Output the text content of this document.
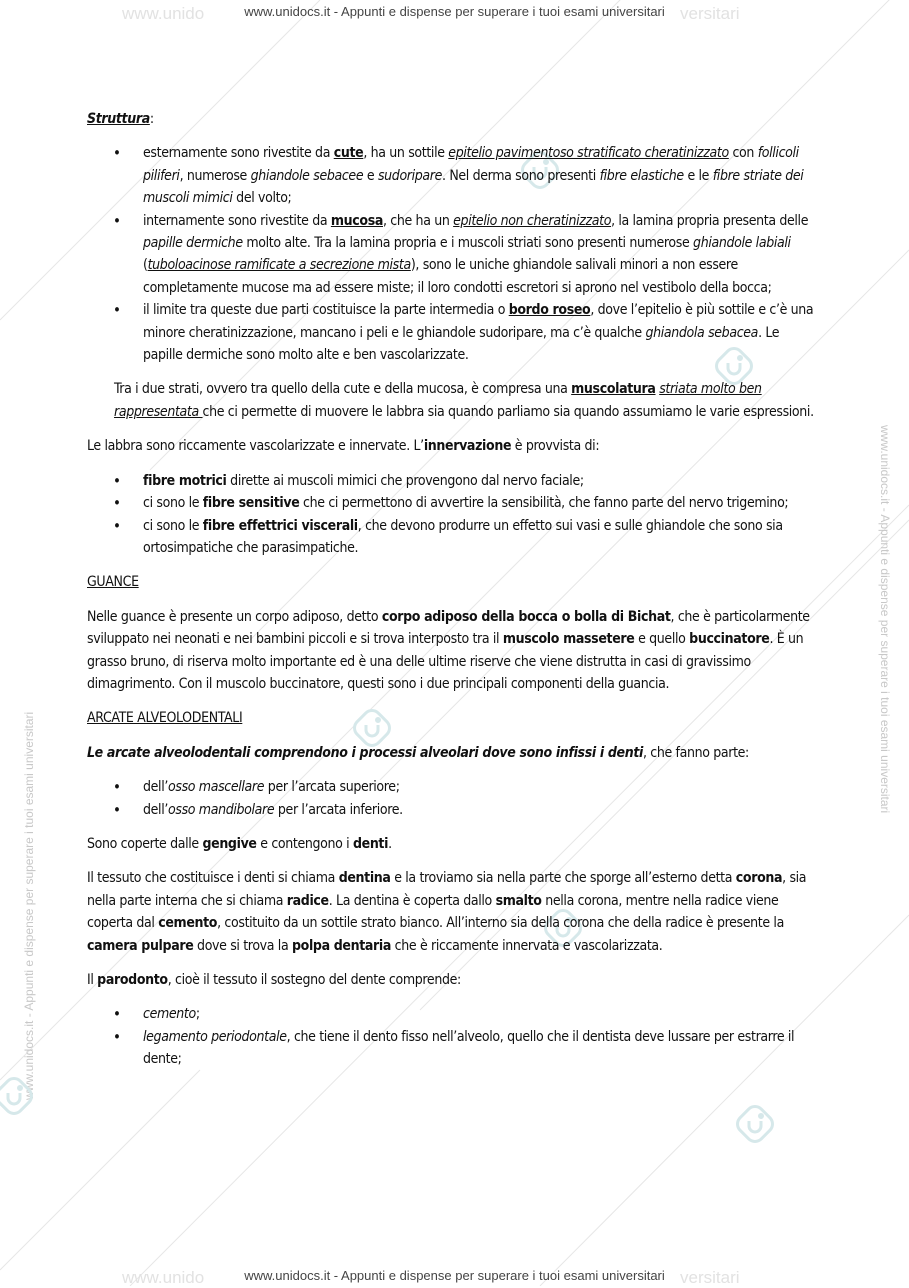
www.unido	www.unidocs.it - Appunti e dispense per superare i tuoi esami universitari versitari
www.unido	www.unidocs.it - Appunti e dispense per superare i tuoi esami universitari versitari
www.unidocs.it - Appunti e dispense per superare i tuoi esami universitari
www.unidocs.it - Appunti e dispense per superare i tuoi esami universitari

Struttura:

• esternamente sono rivestite da cute, ha un sottile epitelio pavimentoso stratificato cheratinizzato con follicoli piliferi, numerose ghiandole sebacee e sudoripare. Nel derma sono presenti fibre elastiche e le fibre striate dei muscoli mimici del volto;
• internamente sono rivestite da mucosa, che ha un epitelio non cheratinizzato, la lamina propria presenta delle papille dermiche molto alte. Tra la lamina propria e i muscoli striati sono presenti numerose ghiandole labiali (tuboloacinose ramificate a secrezione mista), sono le uniche ghiandole salivali minori a non essere completamente mucose ma ad essere miste; il loro condotti escretori si aprono nel vestibolo della bocca;
• il limite tra queste due parti costituisce la parte intermedia o bordo roseo, dove l’epitelio è più sottile e c’è una minore cheratinizzazione, mancano i peli e le ghiandole sudoripare, ma c’è qualche ghiandola sebacea. Le papille dermiche sono molto alte e ben vascolarizzate.

Tra i due strati, ovvero tra quello della cute e della mucosa, è compresa una muscolatura striata molto ben rappresentata che ci permette di muovere le labbra sia quando parliamo sia quando assumiamo le varie espressioni.

Le labbra sono riccamente vascolarizzate e innervate. L’innervazione è provvista di:

• fibre motrici dirette ai muscoli mimici che provengono dal nervo faciale;
• ci sono le fibre sensitive che ci permettono di avvertire la sensibilità, che fanno parte del nervo trigemino;
• ci sono le fibre effettrici viscerali, che devono produrre un effetto sui vasi e sulle ghiandole che sono sia ortosimpatiche che parasimpatiche.

GUANCE

Nelle guance è presente un corpo adiposo, detto corpo adiposo della bocca o bolla di Bichat, che è particolarmente sviluppato nei neonati e nei bambini piccoli e si trova interposto tra il muscolo massetere e quello buccinatore. È un grasso bruno, di riserva molto importante ed è una delle ultime riserve che viene distrutta in casi di gravissimo dimagrimento. Con il muscolo buccinatore, questi sono i due principali componenti della guancia.

ARCATE ALVEOLODENTALI

Le arcate alveolodentali comprendono i processi alveolari dove sono infissi i denti, che fanno parte:

• dell’osso mascellare per l’arcata superiore;
• dell’osso mandibolare per l’arcata inferiore.

Sono coperte dalle gengive e contengono i denti.

Il tessuto che costituisce i denti si chiama dentina e la troviamo sia nella parte che sporge all’esterno detta corona, sia nella parte interna che si chiama radice. La dentina è coperta dallo smalto nella corona, mentre nella radice viene coperta dal cemento, costituito da un sottile strato bianco. All’interno sia della corona che della radice è presente la camera pulpare dove si trova la polpa dentaria che è riccamente innervata e vascolarizzata.

Il parodonto, cioè il tessuto il sostegno del dente comprende:

• cemento;
• legamento periodontale, che tiene il dento fisso nell’alveolo, quello che il dentista deve lussare per estrarre il dente;
